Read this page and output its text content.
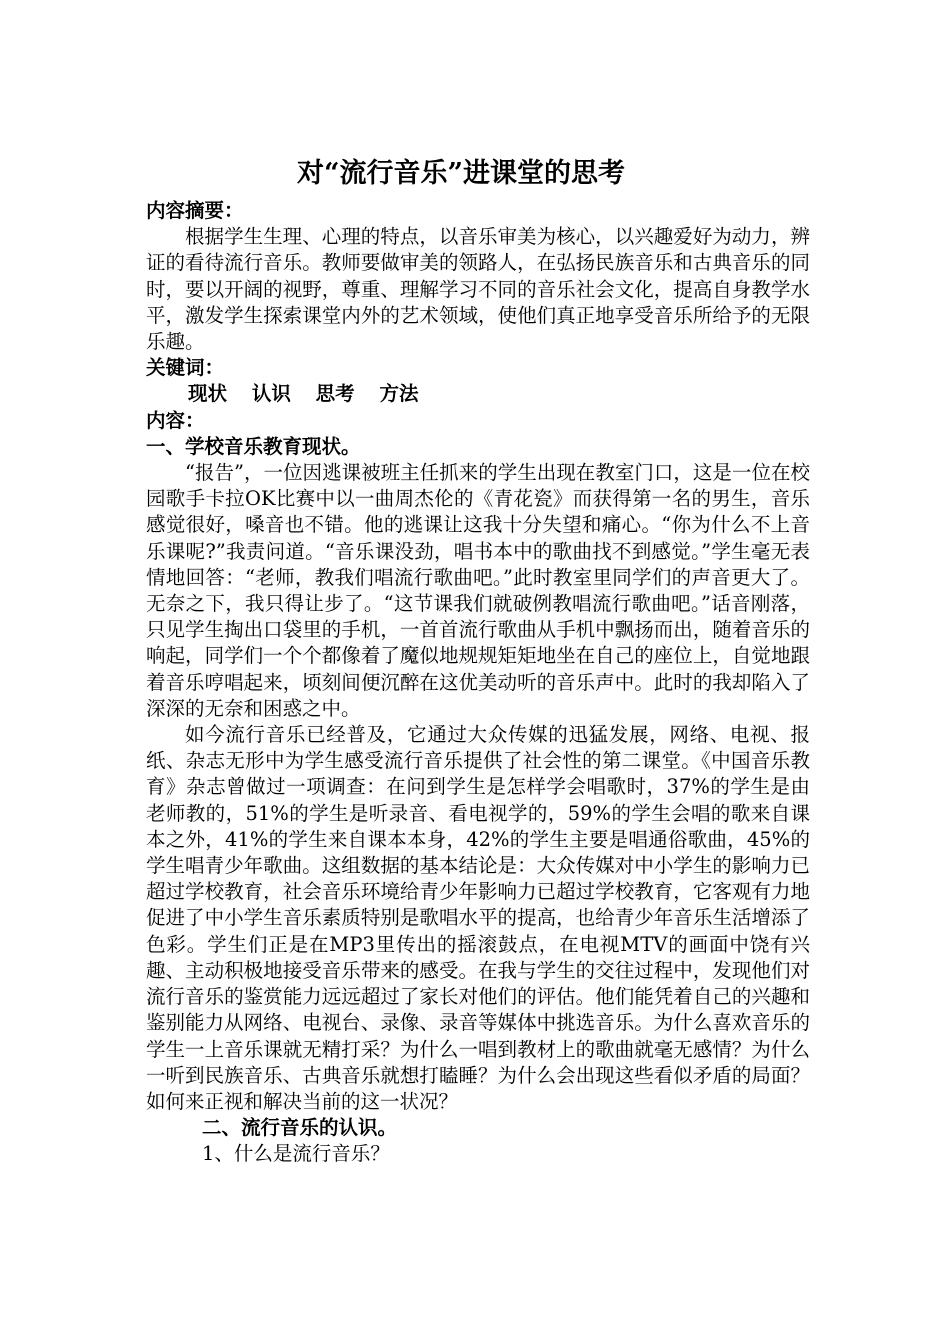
对“流行音乐”进课堂的思考
内容摘要：

根据学生生理、心理的特点，以音乐审美为核心，以兴趣爱好为动力，辨证的看待流行音乐。教师要做审美的领路人，在弘扬民族音乐和古典音乐的同时，要以开阔的视野，尊重、理解学习不同的音乐社会文化，提高自身教学水平，激发学生探索课堂内外的艺术领域，使他们真正地享受音乐所给予的无限乐趣。

关键词：
现状 认识 思考 方法
内容：
一、学校音乐教育现状。

“报告”，一位因逃课被班主任抓来的学生出现在教室门口，这是一位在校园歌手卡拉OK比赛中以一曲周杰伦的《青花瓷》而获得第一名的男生，音乐感觉很好，嗓音也不错。他的逃课让这我十分失望和痛心。“你为什么不上音乐课呢?”我责问道。“音乐课没劲，唱书本中的歌曲找不到感觉。”学生毫无表情地回答：“老师，教我们唱流行歌曲吧。”此时教室里同学们的声音更大了。无奈之下，我只得让步了。“这节课我们就破例教唱流行歌曲吧。”话音刚落，只见学生掏出口袋里的手机，一首首流行歌曲从手机中飘扬而出，随着音乐的响起，同学们一个个都像着了魔似地规规矩矩地坐在自己的座位上，自觉地跟着音乐哼唱起来，顷刻间便沉醉在这优美动听的音乐声中。此时的我却陷入了深深的无奈和困惑之中。

如今流行音乐已经普及，它通过大众传媒的迅猛发展，网络、电视、报纸、杂志无形中为学生感受流行音乐提供了社会性的第二课堂。《中国音乐教育》杂志曾做过一项调查：在问到学生是怎样学会唱歌时，37%的学生是由老师教的，51%的学生是听录音、看电视学的，59%的学生会唱的歌来自课本之外，41%的学生来自课本本身，42%的学生主要是唱通俗歌曲，45%的学生唱青少年歌曲。这组数据的基本结论是：大众传媒对中小学生的影响力已超过学校教育，社会音乐环境给青少年影响力已超过学校教育，它客观有力地促进了中小学生音乐素质特别是歌唱水平的提高，也给青少年音乐生活增添了色彩。学生们正是在MP3里传出的摇滚鼓点，在电视MTV的画面中饶有兴趣、主动积极地接受音乐带来的感受。在我与学生的交往过程中，发现他们对流行音乐的鉴赏能力远远超过了家长对他们的评估。他们能凭着自己的兴趣和鉴别能力从网络、电视台、录像、录音等媒体中挑选音乐。为什么喜欢音乐的学生一上音乐课就无精打采？为什么一唱到教材上的歌曲就毫无感情？为什么一听到民族音乐、古典音乐就想打瞌睡？为什么会出现这些看似矛盾的局面？如何来正视和解决当前的这一状况？

二、流行音乐的认识。
1、什么是流行音乐？
